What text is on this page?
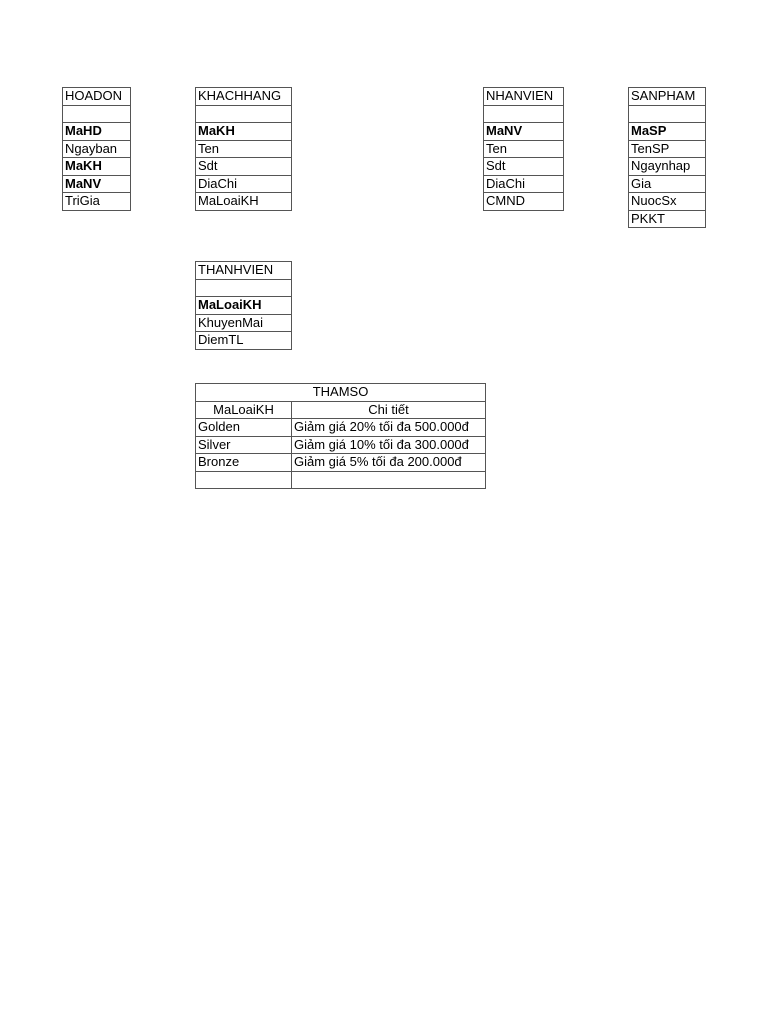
HOADON

MaHD
Ngayban
MaKH
MaNV
TriGia
KHACHHANG

MaKH
Ten
Sdt
DiaChi
MaLoaiKH
NHANVIEN

MaNV
Ten
Sdt
DiaChi
CMND
SANPHAM

MaSP
TenSP
Ngaynhap
Gia
NuocSx
PKKT
THANHVIEN

MaLoaiKH
KhuyenMai
DiemTL
THAMSO	
MaLoaiKH	Chi tiết
Golden	Giảm giá 20% tối đa 500.000đ
Silver	Giảm giá 10% tối đa 300.000đ
Bronze	Giảm giá 5% tối đa 200.000đ
